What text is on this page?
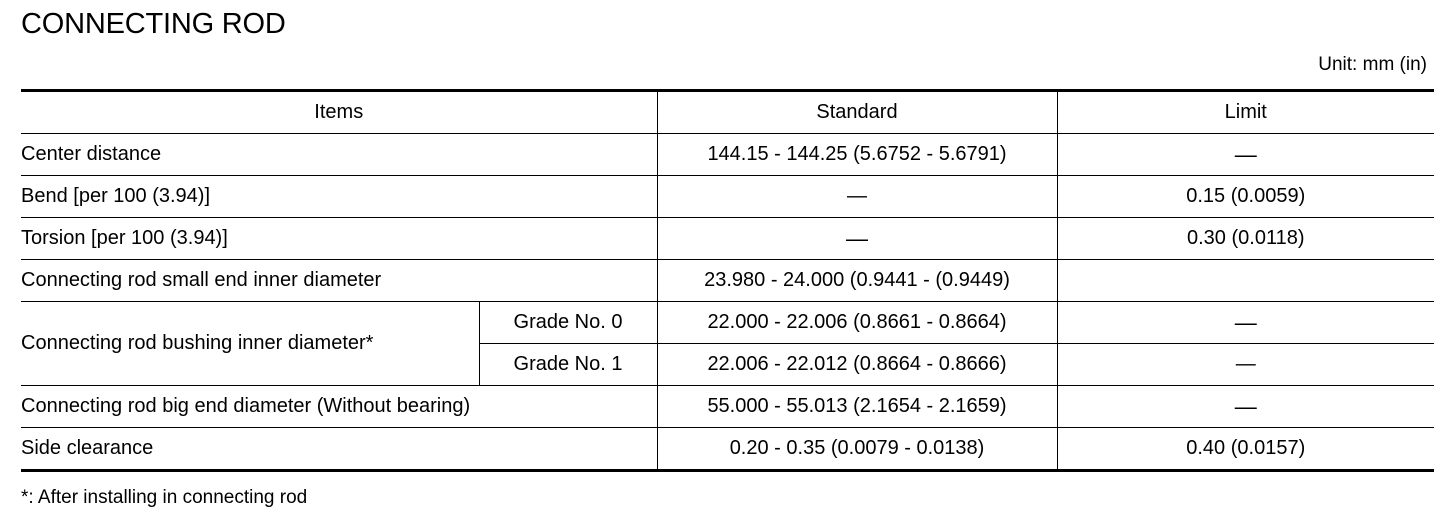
CONNECTING ROD
Unit: mm (in)
Items		Standard	Limit
Center distance		144.15 - 144.25 (5.6752 - 5.6791)	—
Bend [per 100 (3.94)]		—	0.15 (0.0059)
Torsion [per 100 (3.94)]		—	0.30 (0.0118)
Connecting rod small end inner diameter		23.980 - 24.000 (0.9441 - (0.9449)	
Connecting rod bushing inner diameter*	Grade No. 0	22.000 - 22.006 (0.8661 - 0.8664)	—
	Grade No. 1	22.006 - 22.012 (0.8664 - 0.8666)	—
Connecting rod big end diameter (Without bearing)		55.000 - 55.013 (2.1654 - 2.1659)	—
Side clearance		0.20 - 0.35 (0.0079 - 0.0138)	0.40 (0.0157)
*: After installing in connecting rod
